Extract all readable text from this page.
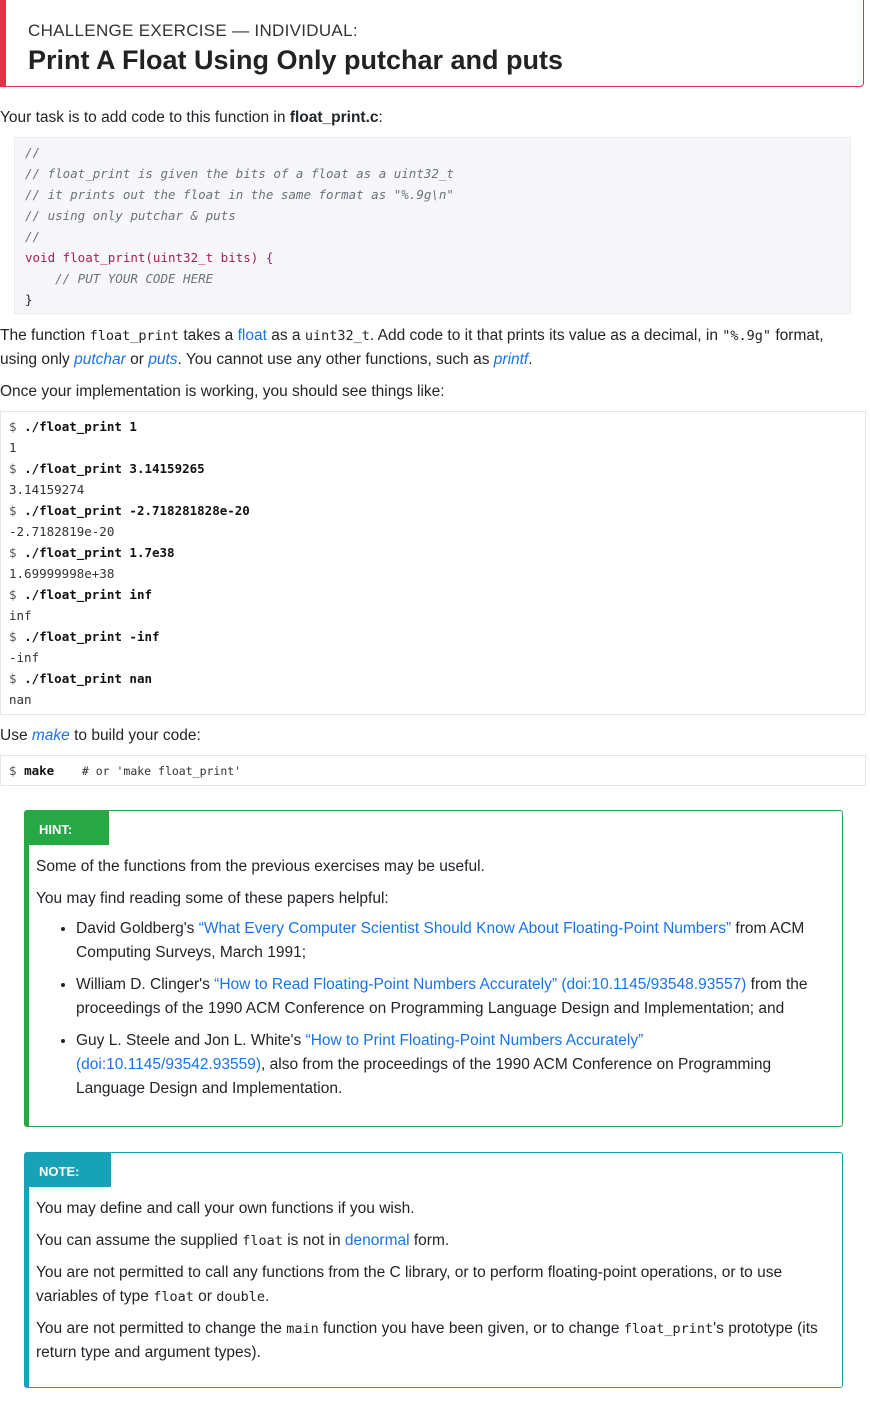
CHALLENGE EXERCISE — INDIVIDUAL:
Print A Float Using Only putchar and puts
Your task is to add code to this function in float_print.c:
//
// float_print is given the bits of a float as a uint32_t
// it prints out the float in the same format as "%.9g\n"
// using only putchar & puts
//
void float_print(uint32_t bits) {
// PUT YOUR CODE HERE
}
The function float_print takes a float as a uint32_t. Add code to it that prints its value as a decimal, in "%.9g" format,
using only putchar or puts. You cannot use any other functions, such as printf.
Once your implementation is working, you should see things like:
$ ./float_print 1
1
$ ./float_print 3.14159265
3.14159274
$ ./float_print -2.718281828e-20
-2.7182819e-20
$ ./float_print 1.7e38
1.69999998e+38
$ ./float_print inf
inf
$ ./float_print -inf
-inf
$ ./float_print nan
nan
Use make to build your code:
$ make    # or 'make float_print'
HINT:
Some of the functions from the previous exercises may be useful.
You may find reading some of these papers helpful:
• David Goldberg's “What Every Computer Scientist Should Know About Floating-Point Numbers” from ACM Computing Surveys, March 1991;
• William D. Clinger's “How to Read Floating-Point Numbers Accurately” (doi:10.1145/93548.93557) from the proceedings of the 1990 ACM Conference on Programming Language Design and Implementation; and
• Guy L. Steele and Jon L. White's “How to Print Floating-Point Numbers Accurately” (doi:10.1145/93542.93559), also from the proceedings of the 1990 ACM Conference on Programming Language Design and Implementation.
NOTE:
You may define and call your own functions if you wish.
You can assume the supplied float is not in denormal form.
You are not permitted to call any functions from the C library, or to perform floating-point operations, or to use variables of type float or double.
You are not permitted to change the main function you have been given, or to change float_print's prototype (its return type and argument types).
